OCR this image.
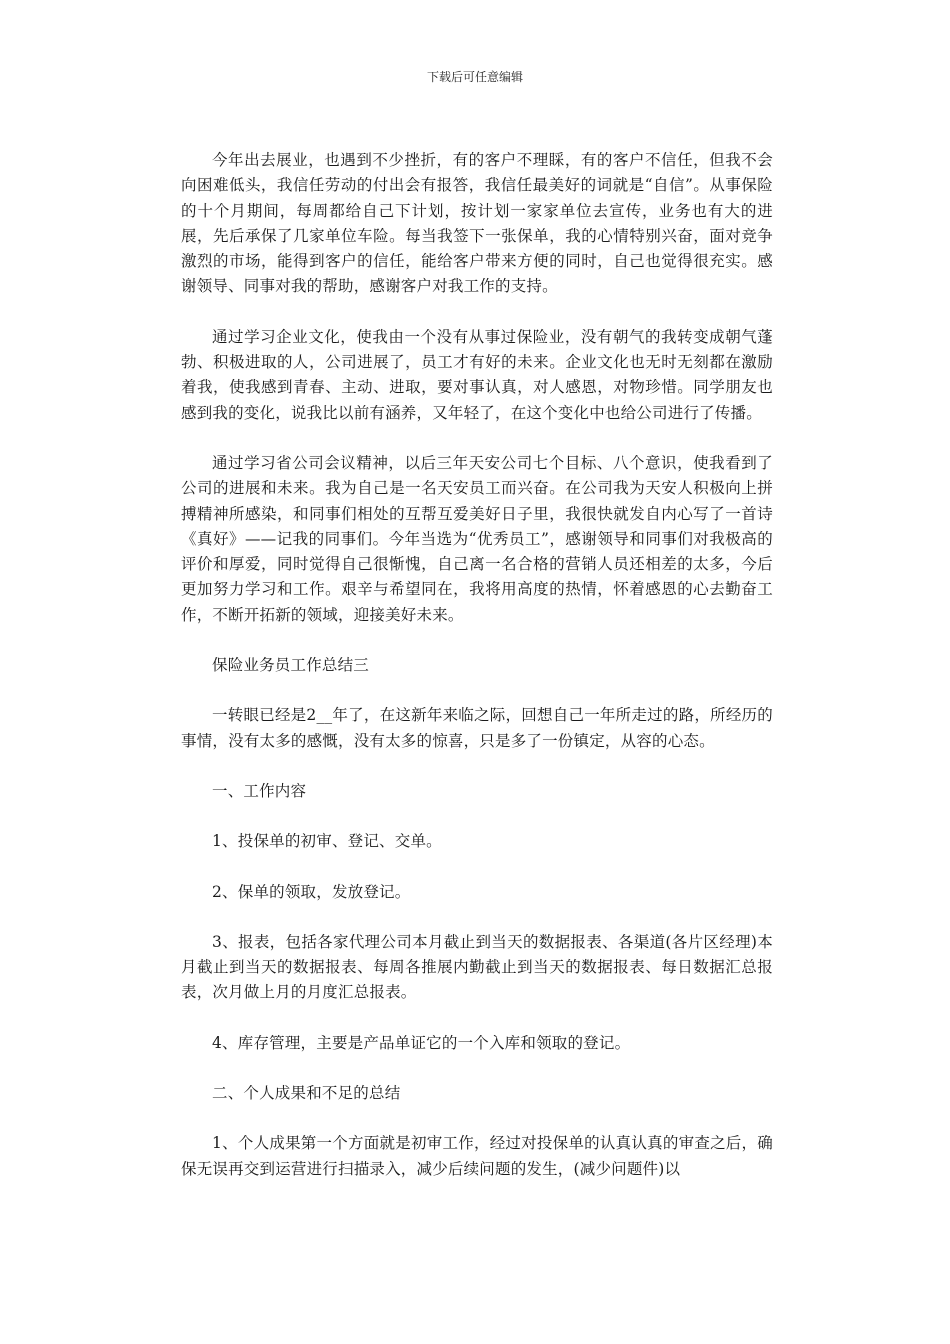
下载后可任意编辑

今年出去展业，也遇到不少挫折，有的客户不理睬，有的客户不信任，但我不会向困难低头，我信任劳动的付出会有报答，我信任最美好的词就是“自信”。从事保险的十个月期间，每周都给自己下计划，按计划一家家单位去宣传，业务也有大的进展，先后承保了几家单位车险。每当我签下一张保单，我的心情特别兴奋，面对竞争激烈的市场，能得到客户的信任，能给客户带来方便的同时，自己也觉得很充实。感谢领导、同事对我的帮助，感谢客户对我工作的支持。

通过学习企业文化，使我由一个没有从事过保险业，没有朝气的我转变成朝气蓬勃、积极进取的人，公司进展了，员工才有好的未来。企业文化也无时无刻都在激励着我，使我感到青春、主动、进取，要对事认真，对人感恩，对物珍惜。同学朋友也感到我的变化，说我比以前有涵养，又年轻了，在这个变化中也给公司进行了传播。

通过学习省公司会议精神，以后三年天安公司七个目标、八个意识，使我看到了公司的进展和未来。我为自己是一名天安员工而兴奋。在公司我为天安人积极向上拼搏精神所感染，和同事们相处的互帮互爱美好日子里，我很快就发自内心写了一首诗《真好》——记我的同事们。今年当选为“优秀员工”，感谢领导和同事们对我极高的评价和厚爱，同时觉得自己很惭愧，自己离一名合格的营销人员还相差的太多，今后更加努力学习和工作。艰辛与希望同在，我将用高度的热情，怀着感恩的心去勤奋工作，不断开拓新的领域，迎接美好未来。

保险业务员工作总结三

一转眼已经是2__年了，在这新年来临之际，回想自己一年所走过的路，所经历的事情，没有太多的感慨，没有太多的惊喜，只是多了一份镇定，从容的心态。

一、工作内容

1、投保单的初审、登记、交单。

2、保单的领取，发放登记。

3、报表，包括各家代理公司本月截止到当天的数据报表、各渠道(各片区经理)本月截止到当天的数据报表、每周各推展内勤截止到当天的数据报表、每日数据汇总报表，次月做上月的月度汇总报表。

4、库存管理，主要是产品单证它的一个入库和领取的登记。

二、个人成果和不足的总结

1、个人成果第一个方面就是初审工作，经过对投保单的认真认真的审查之后，确保无误再交到运营进行扫描录入，减少后续问题的发生，(减少问题件)以
